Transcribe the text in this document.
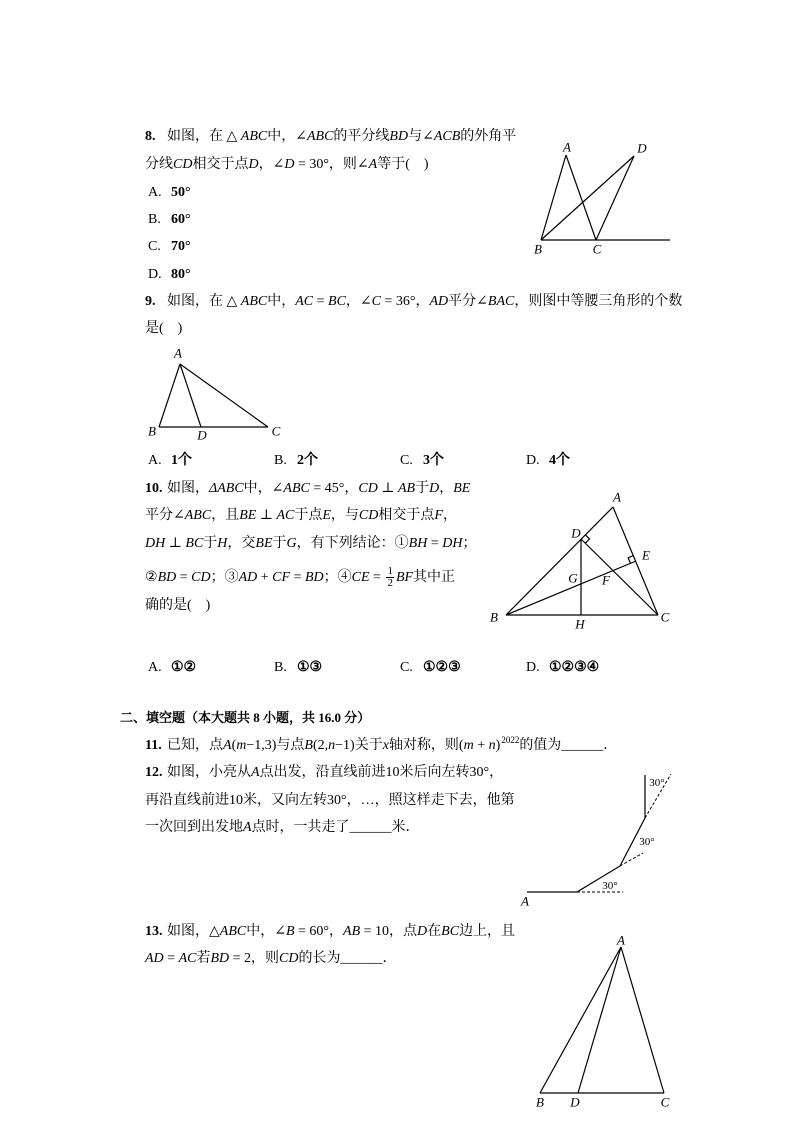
8. 如图，在 △ ABC中，∠ABC的平分线BD与∠ACB的外角平
分线CD相交于点D，∠D = 30°，则∠A等于(　)
A. 50°
B. 60°
C. 70°
D. 80°
9. 如图，在 △ ABC中，AC = BC，∠C = 36°，AD平分∠BAC，则图中等腰三角形的个数
是(　)
A. 1个	B. 2个	C. 3个	D. 4个
10. 如图，ΔABC中，∠ABC = 45°，CD ⊥ AB于D，BE
平分∠ABC，且BE ⊥ AC于点E，与CD相交于点F，
DH ⊥ BC于H，交BE于G，有下列结论：①BH = DH；
②BD = CD；③AD + CF = BD；④CE = $\frac{1}{2}$ BF其中正
确的是(　)
A. ①②	B. ①③	C. ①②③	D. ①②③④
二、填空题（本大题共 8 小题，共 16.0 分）
11. 已知，点A(m−1,3)与点B(2,n−1)关于x轴对称，则$(m + n)^{2022}$的值为______．
12. 如图，小亮从A点出发，沿直线前进10米后向左转30°，
再沿直线前进10米，又向左转30°，…，照这样走下去，他第
一次回到出发地A点时，一共走了______米．
13. 如图，△ABC中，∠B = 60°，AB = 10，点D在BC边上，且
AD = AC若BD = 2，则CD的长为______．
A	D
B	C
A
B	D	C
A
D
E
G F
B	H	C
A
30°
30°
30°
A
B D	C
